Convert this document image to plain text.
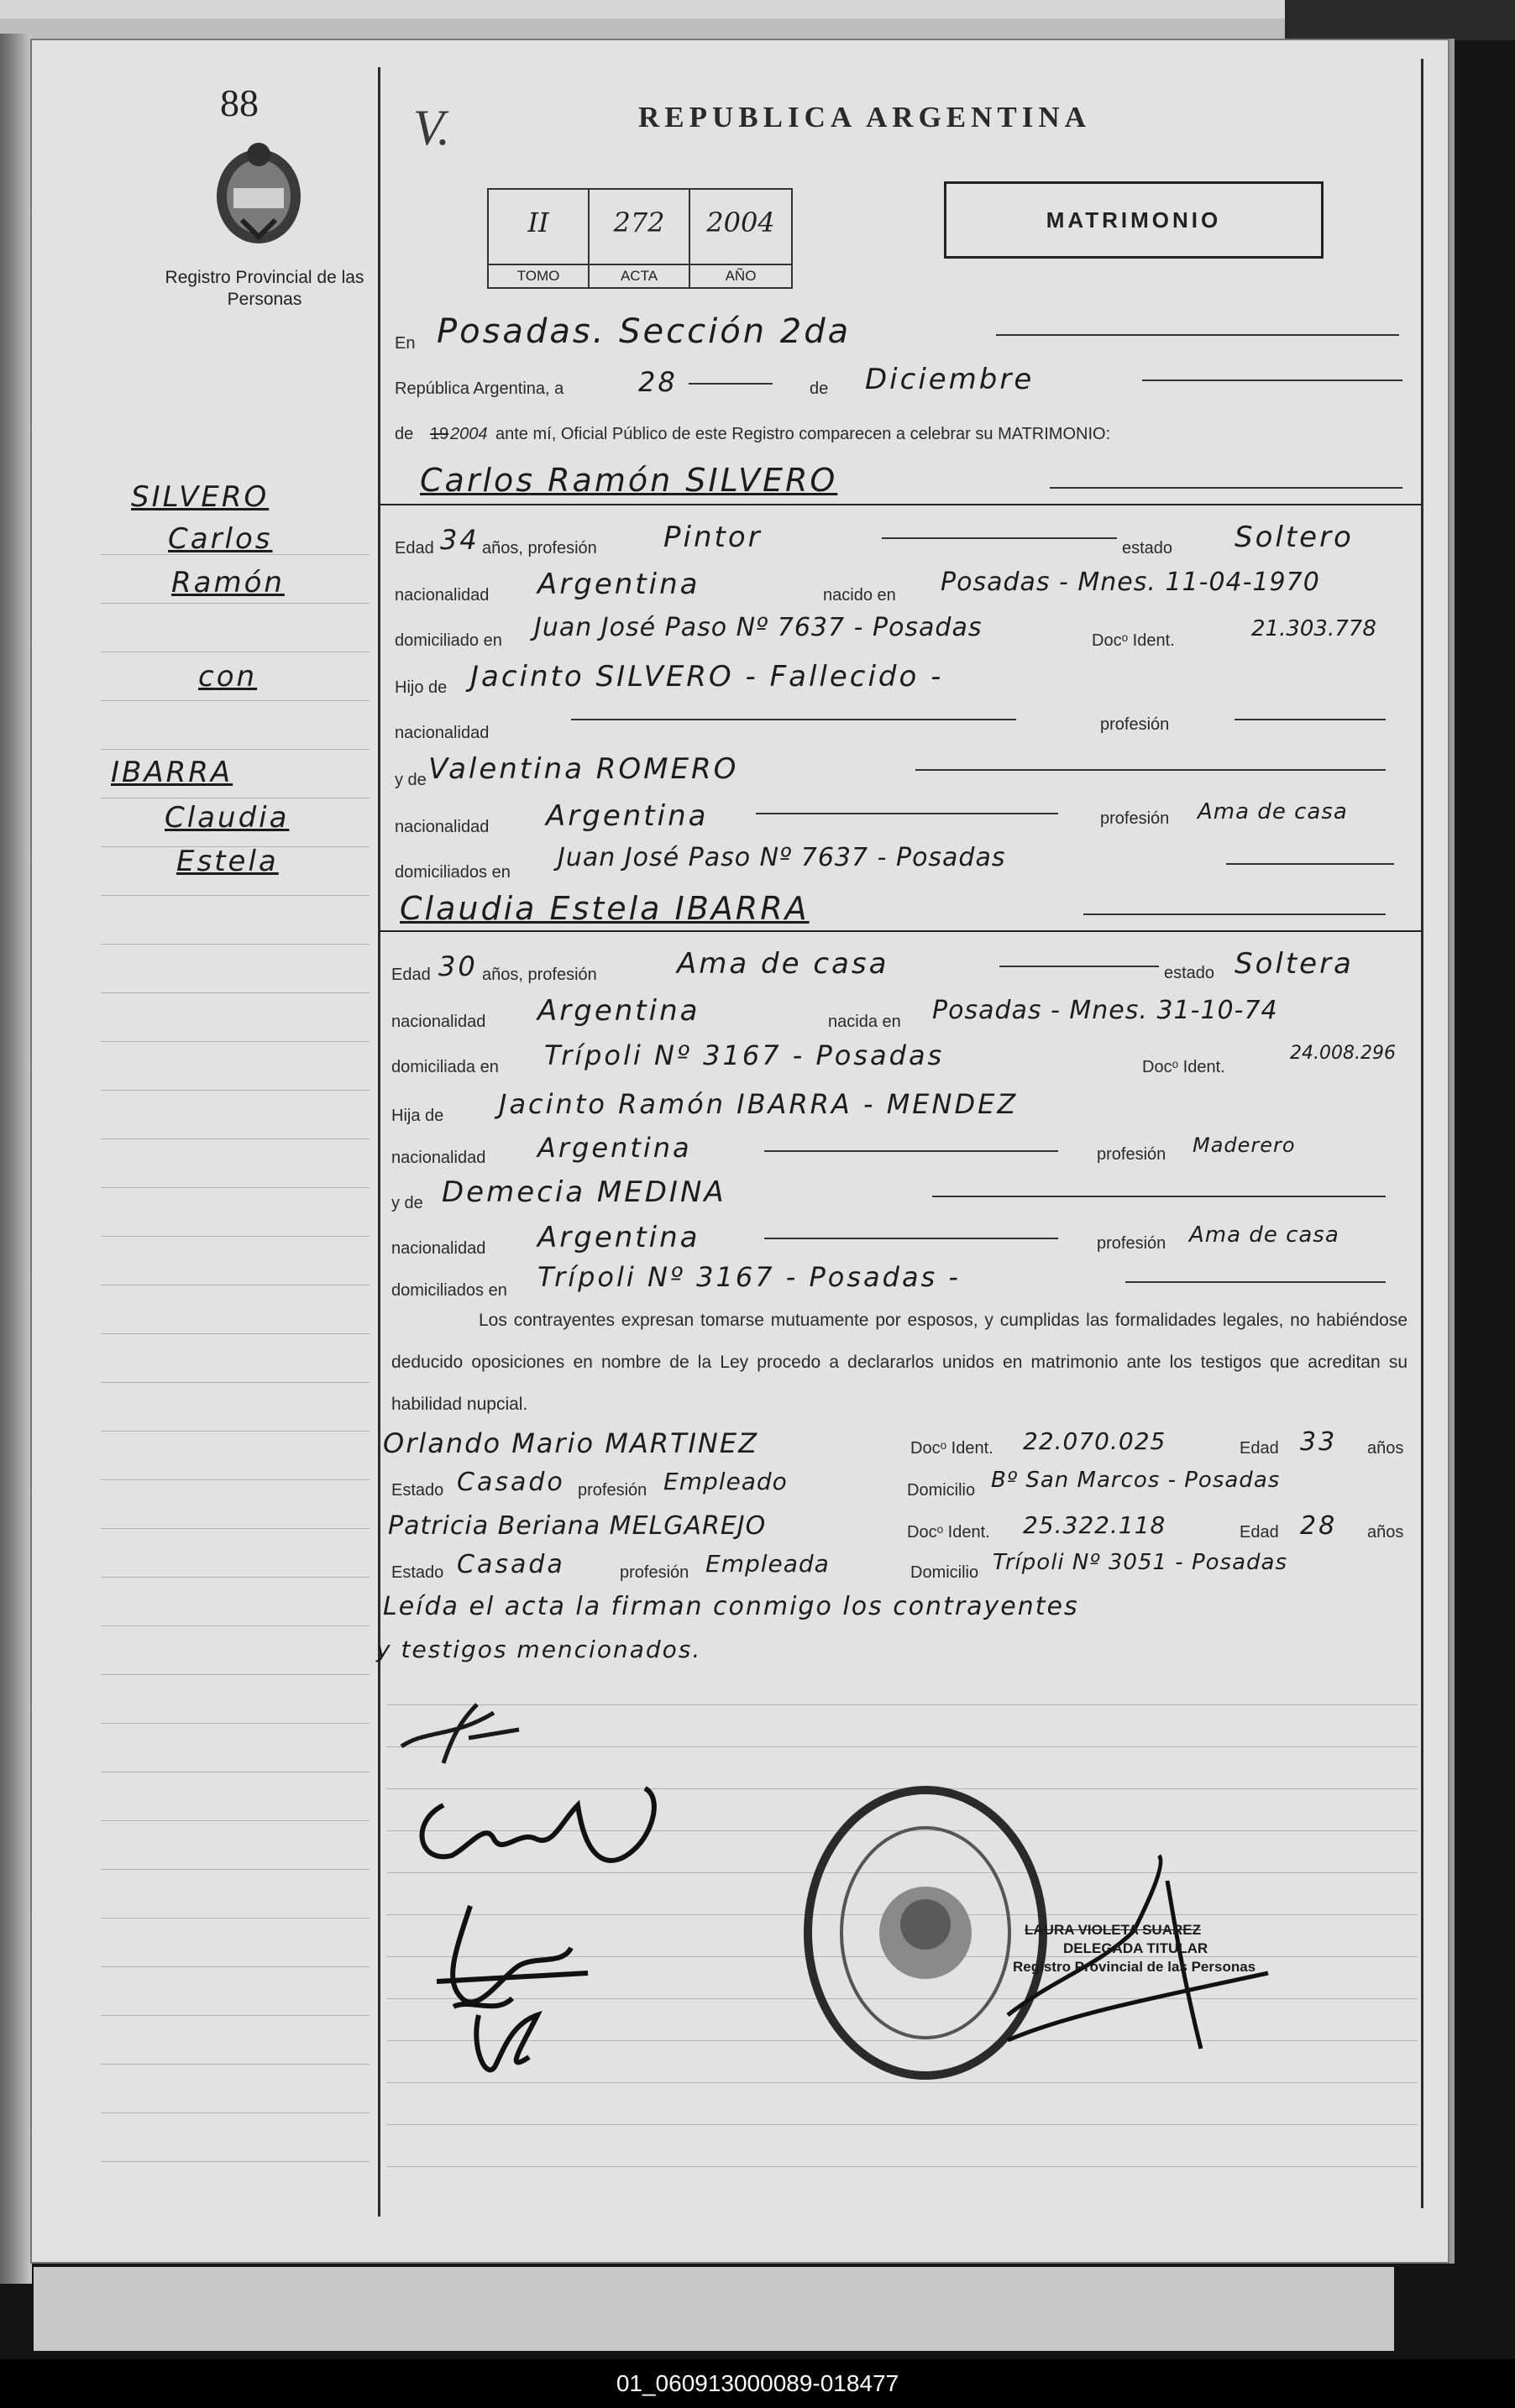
88
Registro Provincial de las Personas
V.	REPUBLICA ARGENTINA
II
TOMO
272
ACTA
2004
AÑO
MATRIMONIO
En Posadas. Sección 2da
República Argentina, a	28	de Diciembre
de 19 2004 ante mí, Oficial Público de este Registro comparecen a celebrar su MATRIMONIO:
Carlos Ramón SILVERO
Edad 34 años, profesión Pintor	estado Soltero
nacionalidad Argentina	nacido en Posadas - Mnes. 11-04-1970
domiciliado en Juan José Paso Nº 7637 - Posadas	Docᵒ Ident.	21.303.778
Hijo de Jacinto SILVERO - Fallecido -
nacionalidad	profesión
y de Valentina ROMERO
nacionalidad Argentina	profesión Ama de casa
domiciliados en Juan José Paso Nº 7637 - Posadas
Claudia Estela IBARRA
Edad 30 años, profesión	Ama de casa	estado Soltera
nacionalidad Argentina	nacida en Posadas - Mnes. 31-10-74
domiciliada en Trípoli Nº 3167 - Posadas	Docᵒ Ident.
24.008.296
Hija de Jacinto Ramón IBARRA - MENDEZ
nacionalidad Argentina	profesión Maderero
y de Demecia MEDINA
nacionalidad Argentina	profesión Ama de casa
domiciliados en Trípoli Nº 3167 - Posadas -
Los contrayentes expresan tomarse mutuamente por esposos, y cumplidas las formalidades legales, no habiéndose deducido oposiciones en nombre de la Ley procedo a declararlos unidos en matrimonio ante los testigos que acreditan su habilidad nupcial.
Orlando Mario MARTINEZ	Docᵒ Ident. 22.070.025	Edad 33 años
Estado Casado profesión Empleado	Domicilio Bº San Marcos - Posadas
Patricia Beriana MELGAREJO	Docᵒ Ident. 25.322.118	Edad 28 años
Estado Casada	profesión Empleada	Domicilio Trípoli Nº 3051 - Posadas
Leída el acta la firman conmigo los contrayentes
y testigos mencionados.
SILVERO
Carlos
Ramón
con
IBARRA
Claudia
Estela
LAURA VIOLETA SUAREZ
DELEGADA TITULAR
Registro Provincial de las Personas
01_060913000089-018477
